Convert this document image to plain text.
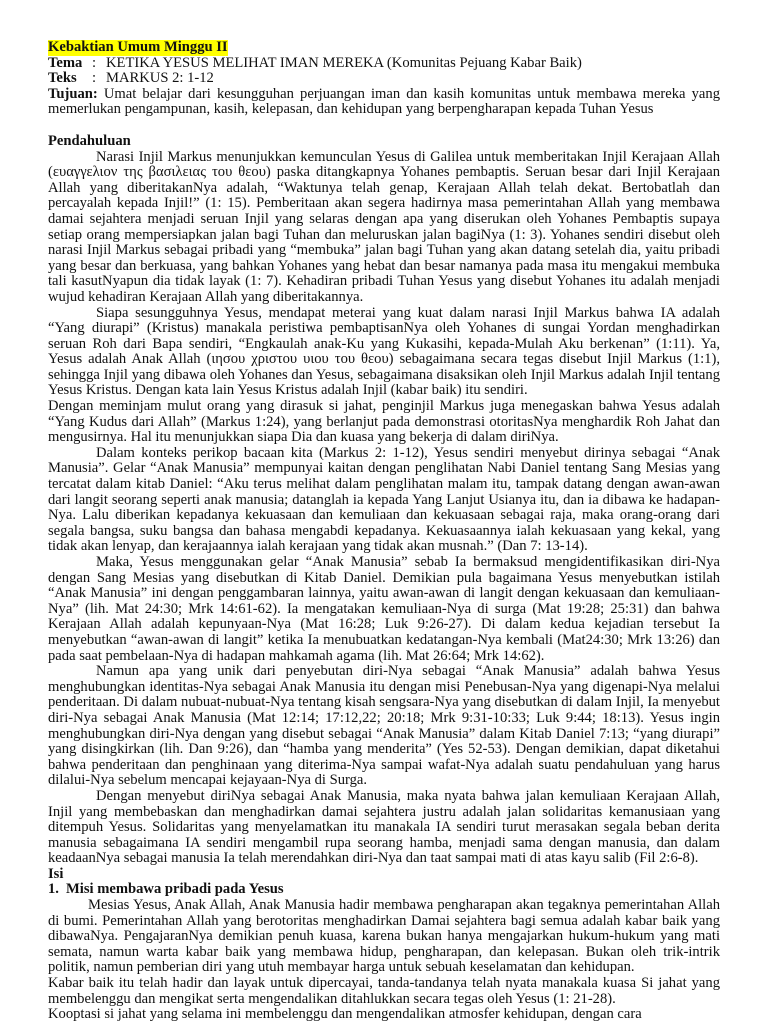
Kebaktian Umum Minggu II
Tema : KETIKA YESUS MELIHAT IMAN MEREKA (Komunitas Pejuang Kabar Baik)
Teks	: MARKUS 2: 1-12

Tujuan: Umat belajar dari kesungguhan perjuangan iman dan kasih komunitas untuk membawa mereka yang memerlukan pengampunan, kasih, kelepasan, dan kehidupan yang berpengharapan kepada Tuhan Yesus

Pendahuluan

Narasi Injil Markus menunjukkan kemunculan Yesus di Galilea untuk memberitakan Injil Kerajaan Allah (ευαγγελιον της βασιλειας του θεου) paska ditangkapnya Yohanes pembaptis. Seruan besar dari Injil Kerajaan Allah yang diberitakanNya adalah, “Waktunya telah genap, Kerajaan Allah telah dekat. Bertobatlah dan percayalah kepada Injil!” (1: 15). Pemberitaan akan segera hadirnya masa pemerintahan Allah yang membawa damai sejahtera menjadi seruan Injil yang selaras dengan apa yang diserukan oleh Yohanes Pembaptis supaya setiap orang mempersiapkan jalan bagi Tuhan dan meluruskan jalan bagiNya (1: 3). Yohanes sendiri disebut oleh narasi Injil Markus sebagai pribadi yang “membuka” jalan bagi Tuhan yang akan datang setelah dia, yaitu pribadi yang besar dan berkuasa, yang bahkan Yohanes yang hebat dan besar namanya pada masa itu mengakui membuka tali kasutNyapun dia tidak layak (1: 7). Kehadiran pribadi Tuhan Yesus yang disebut Yohanes itu adalah menjadi wujud kehadiran Kerajaan Allah yang diberitakannya.

Siapa sesungguhnya Yesus, mendapat meterai yang kuat dalam narasi Injil Markus bahwa IA adalah “Yang diurapi” (Kristus) manakala peristiwa pembaptisanNya oleh Yohanes di sungai Yordan menghadirkan seruan Roh dari Bapa sendiri, “Engkaulah anak-Ku yang Kukasihi, kepada-Mulah Aku berkenan” (1:11). Ya, Yesus adalah Anak Allah (ιησου χριστου υιου του θεου) sebagaimana secara tegas disebut Injil Markus (1:1), sehingga Injil yang dibawa oleh Yohanes dan Yesus, sebagaimana disaksikan oleh Injil Markus adalah Injil tentang Yesus Kristus. Dengan kata lain Yesus Kristus adalah Injil (kabar baik) itu sendiri.

Dengan meminjam mulut orang yang dirasuk si jahat, penginjil Markus juga menegaskan bahwa Yesus adalah “Yang Kudus dari Allah” (Markus 1:24), yang berlanjut pada demonstrasi otoritasNya menghardik Roh Jahat dan mengusirnya. Hal itu menunjukkan siapa Dia dan kuasa yang bekerja di dalam diriNya.

Dalam konteks perikop bacaan kita (Markus 2: 1-12), Yesus sendiri menyebut dirinya sebagai “Anak Manusia”. Gelar “Anak Manusia” mempunyai kaitan dengan penglihatan Nabi Daniel tentang Sang Mesias yang tercatat dalam kitab Daniel: “Aku terus melihat dalam penglihatan malam itu, tampak datang dengan awan-awan dari langit seorang seperti anak manusia; datanglah ia kepada Yang Lanjut Usianya itu, dan ia dibawa ke hadapan-Nya. Lalu diberikan kepadanya kekuasaan dan kemuliaan dan kekuasaan sebagai raja, maka orang-orang dari segala bangsa, suku bangsa dan bahasa mengabdi kepadanya. Kekuasaannya ialah kekuasaan yang kekal, yang tidak akan lenyap, dan kerajaannya ialah kerajaan yang tidak akan musnah.” (Dan 7: 13-14).

Maka, Yesus menggunakan gelar “Anak Manusia” sebab Ia bermaksud mengidentifikasikan diri-Nya dengan Sang Mesias yang disebutkan di Kitab Daniel. Demikian pula bagaimana Yesus menyebutkan istilah “Anak Manusia” ini dengan penggambaran lainnya, yaitu awan-awan di langit dengan kekuasaan dan kemuliaan-Nya” (lih. Mat 24:30; Mrk 14:61-62). Ia mengatakan kemuliaan-Nya di surga (Mat 19:28; 25:31) dan bahwa Kerajaan Allah adalah kepunyaan-Nya (Mat 16:28; Luk 9:26-27). Di dalam kedua kejadian tersebut Ia menyebutkan “awan-awan di langit” ketika Ia menubuatkan kedatangan-Nya kembali (Mat24:30; Mrk 13:26) dan pada saat pembelaan-Nya di hadapan mahkamah agama (lih. Mat 26:64; Mrk 14:62).

Namun apa yang unik dari penyebutan diri-Nya sebagai “Anak Manusia” adalah bahwa Yesus menghubungkan identitas-Nya sebagai Anak Manusia itu dengan misi Penebusan-Nya yang digenapi-Nya melalui penderitaan. Di dalam nubuat-nubuat-Nya tentang kisah sengsara-Nya yang disebutkan di dalam Injil, Ia menyebut diri-Nya sebagai Anak Manusia (Mat 12:14; 17:12,22; 20:18; Mrk 9:31-10:33; Luk 9:44; 18:13). Yesus ingin menghubungkan diri-Nya dengan yang disebut sebagai “Anak Manusia” dalam Kitab Daniel 7:13; “yang diurapi” yang disingkirkan (lih. Dan 9:26), dan “hamba yang menderita” (Yes 52-53). Dengan demikian, dapat diketahui bahwa penderitaan dan penghinaan yang diterima-Nya sampai wafat-Nya adalah suatu pendahuluan yang harus dilalui-Nya sebelum mencapai kejayaan-Nya di Surga.

Dengan menyebut diriNya sebagai Anak Manusia, maka nyata bahwa jalan kemuliaan Kerajaan Allah, Injil yang membebaskan dan menghadirkan damai sejahtera justru adalah jalan solidaritas kemanusiaan yang ditempuh Yesus. Solidaritas yang menyelamatkan itu manakala IA sendiri turut merasakan segala beban derita manusia sebagaimana IA sendiri mengambil rupa seorang hamba, menjadi sama dengan manusia, dan dalam keadaanNya sebagai manusia Ia telah merendahkan diri-Nya dan taat sampai mati di atas kayu salib (Fil 2:6-8).

Isi
1. Misi membawa pribadi pada Yesus

Mesias Yesus, Anak Allah, Anak Manusia hadir membawa pengharapan akan tegaknya pemerintahan Allah di bumi. Pemerintahan Allah yang berotoritas menghadirkan Damai sejahtera bagi semua adalah kabar baik yang dibawaNya. PengajaranNya demikian penuh kuasa, karena bukan hanya mengajarkan hukum-hukum yang mati semata, namun warta kabar baik yang membawa hidup, pengharapan, dan kelepasan. Bukan oleh trik-intrik politik, namun pemberian diri yang utuh membayar harga untuk sebuah keselamatan dan kehidupan.

Kabar baik itu telah hadir dan layak untuk dipercayai, tanda-tandanya telah nyata manakala kuasa Si jahat yang membelenggu dan mengikat serta mengendalikan ditahlukkan secara tegas oleh Yesus (1: 21-28).

Kooptasi si jahat yang selama ini membelenggu dan mengendalikan atmosfer kehidupan, dengan cara
